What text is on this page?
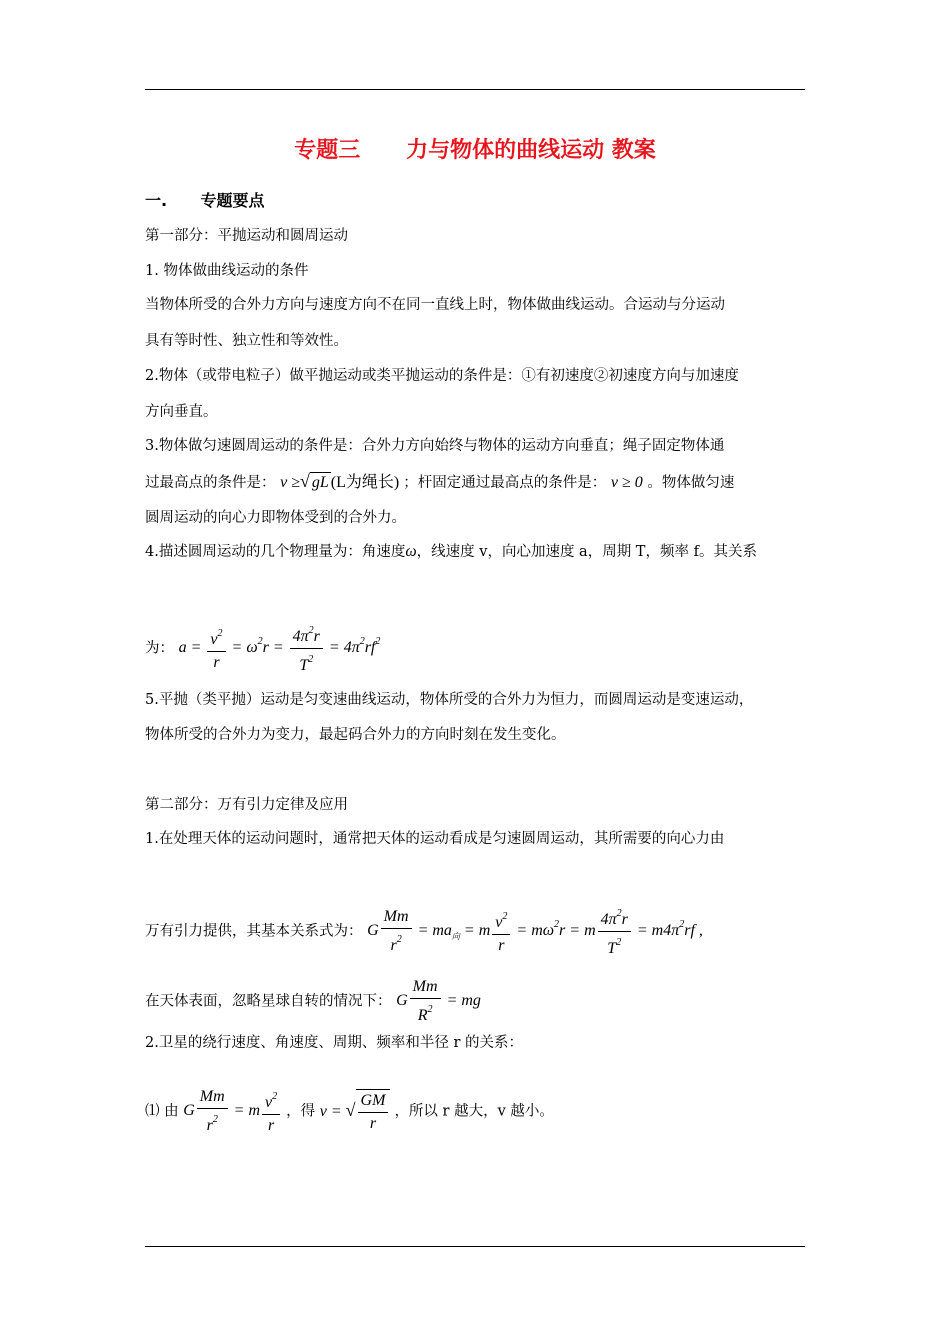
专题三      力与物体的曲线运动 教案
一.      专题要点
第一部分：平抛运动和圆周运动
1. 物体做曲线运动的条件
当物体所受的合外力方向与速度方向不在同一直线上时，物体做曲线运动。合运动与分运动
具有等时性、独立性和等效性。
2.物体（或带电粒子）做平抛运动或类平抛运动的条件是：①有初速度②初速度方向与加速度
方向垂直。
3.物体做匀速圆周运动的条件是：合外力方向始终与物体的运动方向垂直；绳子固定物体通
过最高点的条件是： v ≥√ gL (L为绳长) ；杆固定通过最高点的条件是： v ≥ 0 。物体做匀速
圆周运动的向心力即物体受到的合外力。
4.描述圆周运动的几个物理量为：角速度ω，线速度 v，向心加速度 a，周期 T，频率 f。其关系
为： $a = \frac{v^2}{r} = \omega^2r = \frac{4\pi^2r}{T^2} = 4\pi^2rf^2$
5.平抛（类平抛）运动是匀变速曲线运动，物体所受的合外力为恒力，而圆周运动是变速运动，
物体所受的合外力为变力，最起码合外力的方向时刻在发生变化。
第二部分：万有引力定律及应用
1.在处理天体的运动问题时，通常把天体的运动看成是匀速圆周运动，其所需要的向心力由
万有引力提供，其基本关系式为： G $\frac{Mm}{r^2} = ma_向 = m \frac{v^2}{r} = m\omega^2r = m \frac{4\pi^2r}{T^2} = m4\pi^2rf$ ,
在天体表面，忽略星球自转的情况下： G $\frac{Mm}{R^2}$ = mg
2.卫星的绕行速度、角速度、周期、频率和半径 r 的关系：
⑴ 由 G $\frac{Mm}{r^2} = m \frac{v^2}{r}$ ，得 v = √ $\frac{GM}{r}$ ，所以 r 越大，v 越小。
